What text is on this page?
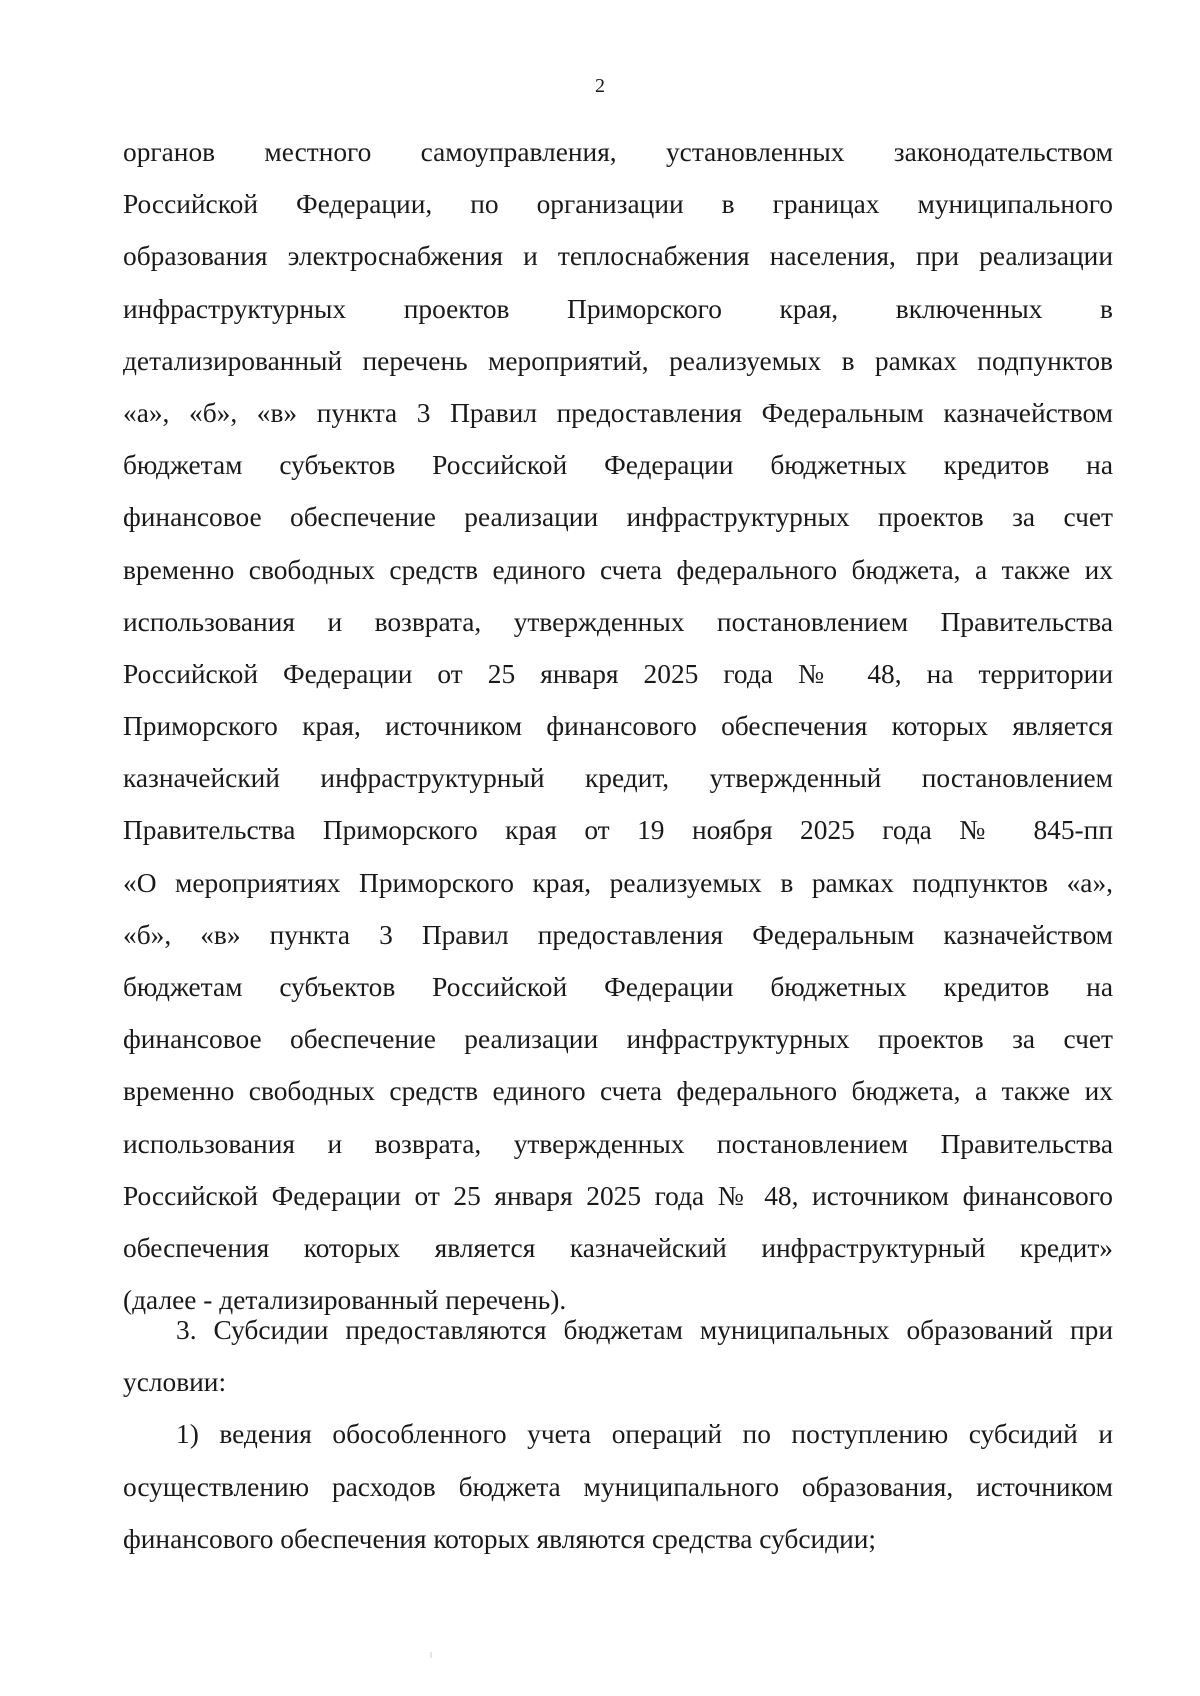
2
органов местного самоуправления, установленных законодательством
Российской Федерации, по организации в границах муниципального
образования электроснабжения и теплоснабжения населения, при реализации
инфраструктурных проектов Приморского края, включенных в
детализированный перечень мероприятий, реализуемых в рамках подпунктов
«а», «б», «в» пункта 3 Правил предоставления Федеральным казначейством
бюджетам субъектов Российской Федерации бюджетных кредитов на
финансовое обеспечение реализации инфраструктурных проектов за счет
временно свободных средств единого счета федерального бюджета, а также их
использования и возврата, утвержденных постановлением Правительства
Российской Федерации от 25 января 2025 года № 48, на территории
Приморского края, источником финансового обеспечения которых является
казначейский инфраструктурный кредит, утвержденный постановлением
Правительства Приморского края от 19 ноября 2025 года № 845-пп
«О мероприятиях Приморского края, реализуемых в рамках подпунктов «а»,
«б», «в» пункта 3 Правил предоставления Федеральным казначейством
бюджетам субъектов Российской Федерации бюджетных кредитов на
финансовое обеспечение реализации инфраструктурных проектов за счет
временно свободных средств единого счета федерального бюджета, а также их
использования и возврата, утвержденных постановлением Правительства
Российской Федерации от 25 января 2025 года № 48, источником финансового
обеспечения которых является казначейский инфраструктурный кредит»
(далее - детализированный перечень).
3. Субсидии предоставляются бюджетам муниципальных образований при
условии:
1) ведения обособленного учета операций по поступлению субсидий и
осуществлению расходов бюджета муниципального образования, источником
финансового обеспечения которых являются средства субсидии;
